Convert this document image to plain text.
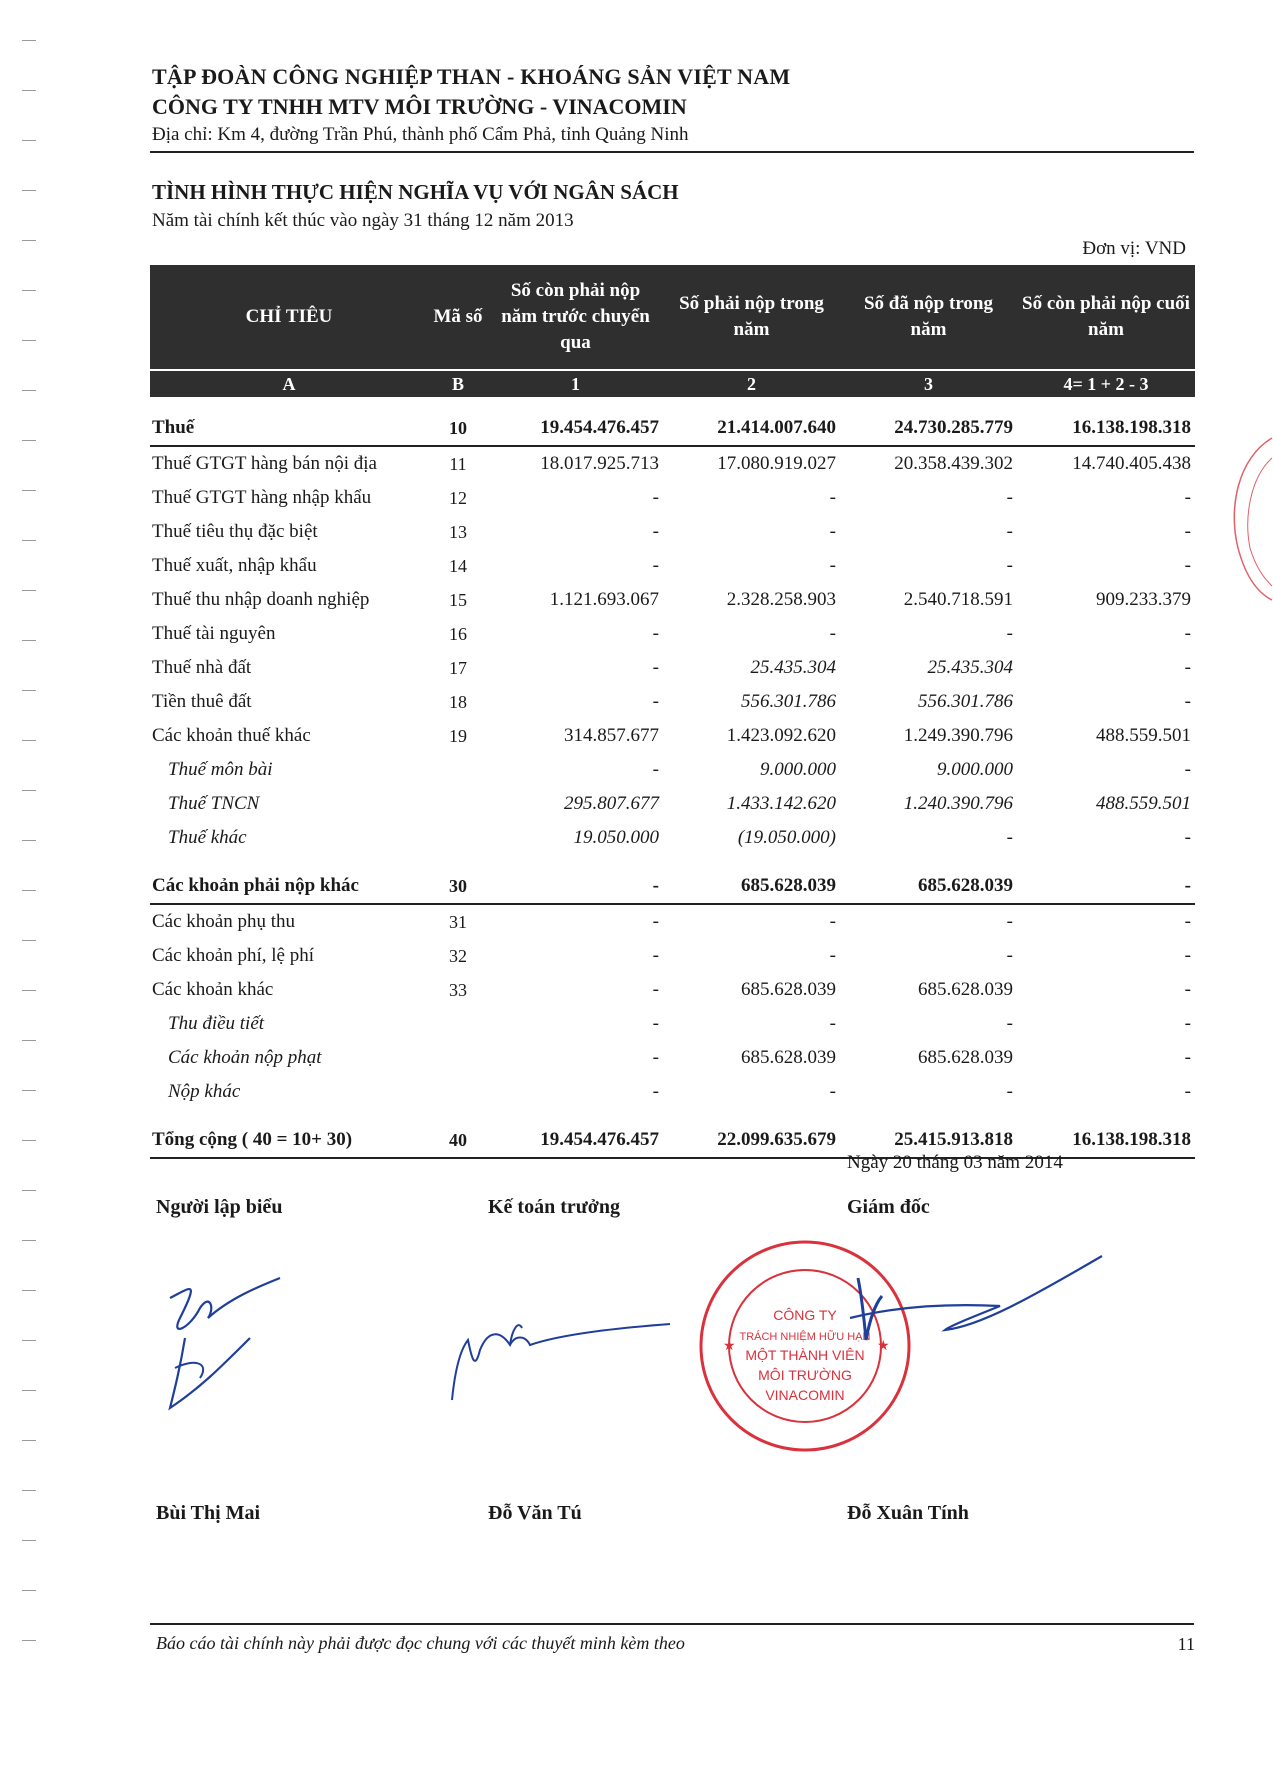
TẬP ĐOÀN CÔNG NGHIỆP THAN - KHOÁNG SẢN VIỆT NAM
CÔNG TY TNHH MTV MÔI TRƯỜNG - VINACOMIN
Địa chỉ: Km 4, đường Trần Phú, thành phố Cẩm Phả, tỉnh Quảng Ninh
TÌNH HÌNH THỰC HIỆN NGHĨA VỤ VỚI NGÂN SÁCH
Năm tài chính kết thúc vào ngày 31 tháng 12 năm 2013
Đơn vị: VND
CHỈ TIÊU	Mã số	Số còn phải nộp năm trước chuyển qua	Số phải nộp trong năm	Số đã nộp trong năm	Số còn phải nộp cuối năm
A	B	1	2	3	4= 1 + 2 - 3

Thuế	10	19.454.476.457	21.414.007.640	24.730.285.779	16.138.198.318
Thuế GTGT hàng bán nội địa	11	18.017.925.713	17.080.919.027	20.358.439.302	14.740.405.438
Thuế GTGT hàng nhập khẩu	12	-	-	-	-
Thuế tiêu thụ đặc biệt	13	-	-	-	-
Thuế xuất, nhập khẩu	14	-	-	-	-
Thuế thu nhập doanh nghiệp	15	1.121.693.067	2.328.258.903	2.540.718.591	909.233.379
Thuế tài nguyên	16	-	-	-	-
Thuế nhà đất	17	-	25.435.304	25.435.304	-
Tiền thuê đất	18	-	556.301.786	556.301.786	-
Các khoản thuế khác	19	314.857.677	1.423.092.620	1.249.390.796	488.559.501
Thuế môn bài		-	9.000.000	9.000.000	-
Thuế TNCN		295.807.677	1.433.142.620	1.240.390.796	488.559.501
Thuế khác		19.050.000	(19.050.000)	-	-

Các khoản phải nộp khác	30	-	685.628.039	685.628.039	-
Các khoản phụ thu	31	-	-	-	-
Các khoản phí, lệ phí	32	-	-	-	-
Các khoản khác	33	-	685.628.039	685.628.039	-
Thu điều tiết		-	-	-	-
Các khoản nộp phạt		-	685.628.039	685.628.039	-
Nộp khác		-	-	-	-

Tổng cộng ( 40 = 10+ 30)	40	19.454.476.457	22.099.635.679	25.415.913.818	16.138.198.318
Ngày 20 tháng 03 năm 2014
Người lập biểu	Kế toán trưởng	Giám đốc
CÔNG TY
TRÁCH NHIỆM HỮU HẠN
MỘT THÀNH VIÊN
MÔI TRƯỜNG
VINACOMIN
★	★
Bùi Thị Mai	Đỗ Văn Tú	Đỗ Xuân Tính
Báo cáo tài chính này phải được đọc chung với các thuyết minh kèm theo	11
